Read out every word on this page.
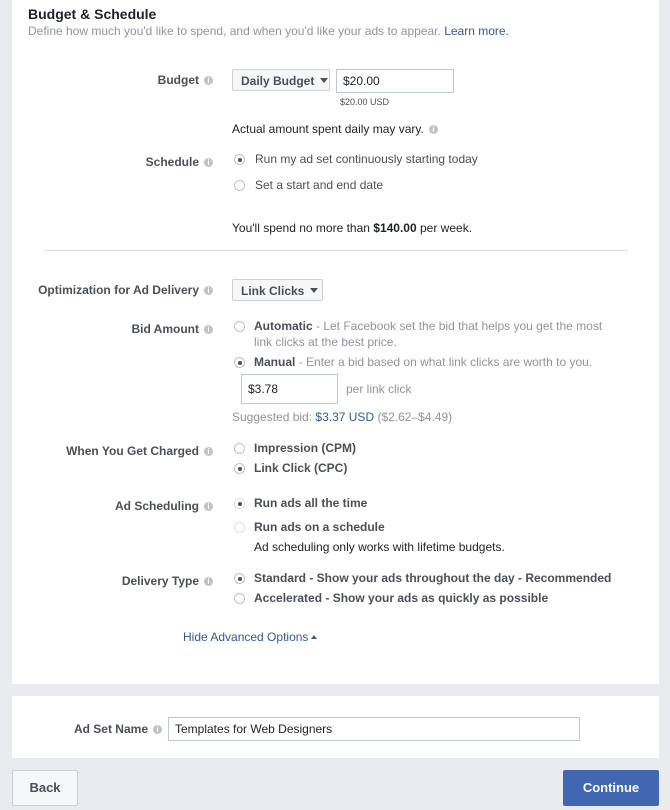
Budget & Schedule
Define how much you'd like to spend, and when you'd like your ads to appear. Learn more.
Budget i	Daily Budget
$20.00
$20.00 USD
Actual amount spent daily may vary. i
Schedule i	Run my ad set continuously starting today
Set a start and end date
You'll spend no more than $140.00 per week.
Optimization for Ad Delivery i	Link Clicks
Bid Amount i	Automatic - Let Facebook set the bid that helps you get the most
link clicks at the best price.
Manual - Enter a bid based on what link clicks are worth to you.
$3.78
per link click
Suggested bid: $3.37 USD ($2.62–$4.49)
When You Get Charged i	Impression (CPM)
Link Click (CPC)
Ad Scheduling i	Run ads all the time
Run ads on a schedule
Ad scheduling only works with lifetime budgets.
Delivery Type i	Standard - Show your ads throughout the day - Recommended
Accelerated - Show your ads as quickly as possible
Hide Advanced Options
Ad Set Name i
Templates for Web Designers
Back	Continue
